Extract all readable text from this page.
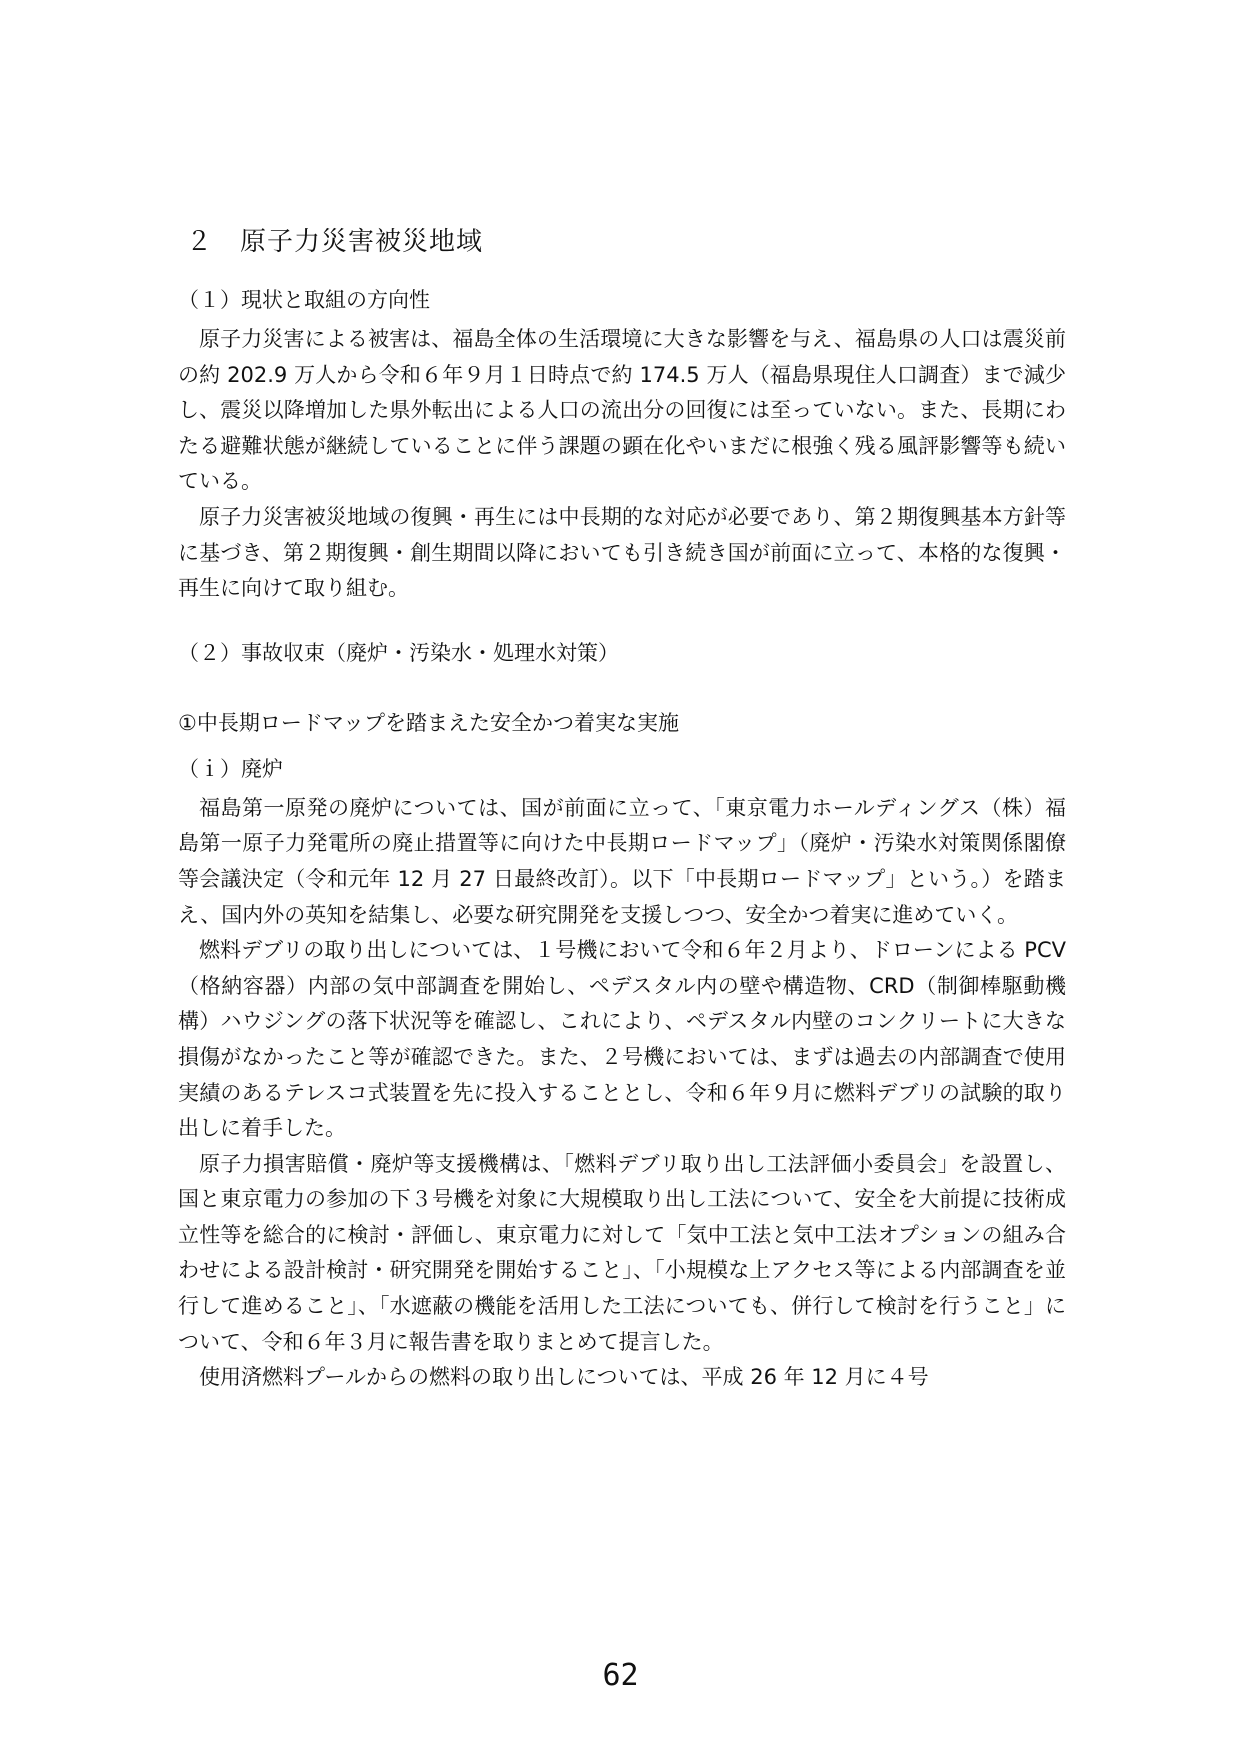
２　原子力災害被災地域
（１）現状と取組の方向性

原子力災害による被害は、福島全体の生活環境に大きな影響を与え、福島県の人口は震災前の約 202.9 万人から令和６年９月１日時点で約 174.5 万人（福島県現住人口調査）まで減少し、震災以降増加した県外転出による人口の流出分の回復には至っていない。また、長期にわたる避難状態が継続していることに伴う課題の顕在化やいまだに根強く残る風評影響等も続いている。

原子力災害被災地域の復興・再生には中長期的な対応が必要であり、第２期復興基本方針等に基づき、第２期復興・創生期間以降においても引き続き国が前面に立って、本格的な復興・再生に向けて取り組む。

（２）事故収束（廃炉・汚染水・処理水対策）
①中長期ロードマップを踏まえた安全かつ着実な実施
（ｉ）廃炉

福島第一原発の廃炉については、国が前面に立って、「東京電力ホールディングス（株）福島第一原子力発電所の廃止措置等に向けた中長期ロードマップ」（廃炉・汚染水対策関係閣僚等会議決定（令和元年 12 月 27 日最終改訂）。以下「中長期ロードマップ」という。）を踏まえ、国内外の英知を結集し、必要な研究開発を支援しつつ、安全かつ着実に進めていく。

燃料デブリの取り出しについては、１号機において令和６年２月より、ドローンによる PCV（格納容器）内部の気中部調査を開始し、ペデスタル内の壁や構造物、CRD（制御棒駆動機構）ハウジングの落下状況等を確認し、これにより、ペデスタル内壁のコンクリートに大きな損傷がなかったこと等が確認できた。また、２号機においては、まずは過去の内部調査で使用実績のあるテレスコ式装置を先に投入することとし、令和６年９月に燃料デブリの試験的取り出しに着手した。

原子力損害賠償・廃炉等支援機構は、「燃料デブリ取り出し工法評価小委員会」を設置し、国と東京電力の参加の下３号機を対象に大規模取り出し工法について、安全を大前提に技術成立性等を総合的に検討・評価し、東京電力に対して「気中工法と気中工法オプションの組み合わせによる設計検討・研究開発を開始すること」、「小規模な上アクセス等による内部調査を並行して進めること」、「水遮蔽の機能を活用した工法についても、併行して検討を行うこと」について、令和６年３月に報告書を取りまとめて提言した。

使用済燃料プールからの燃料の取り出しについては、平成 26 年 12 月に４号

62
